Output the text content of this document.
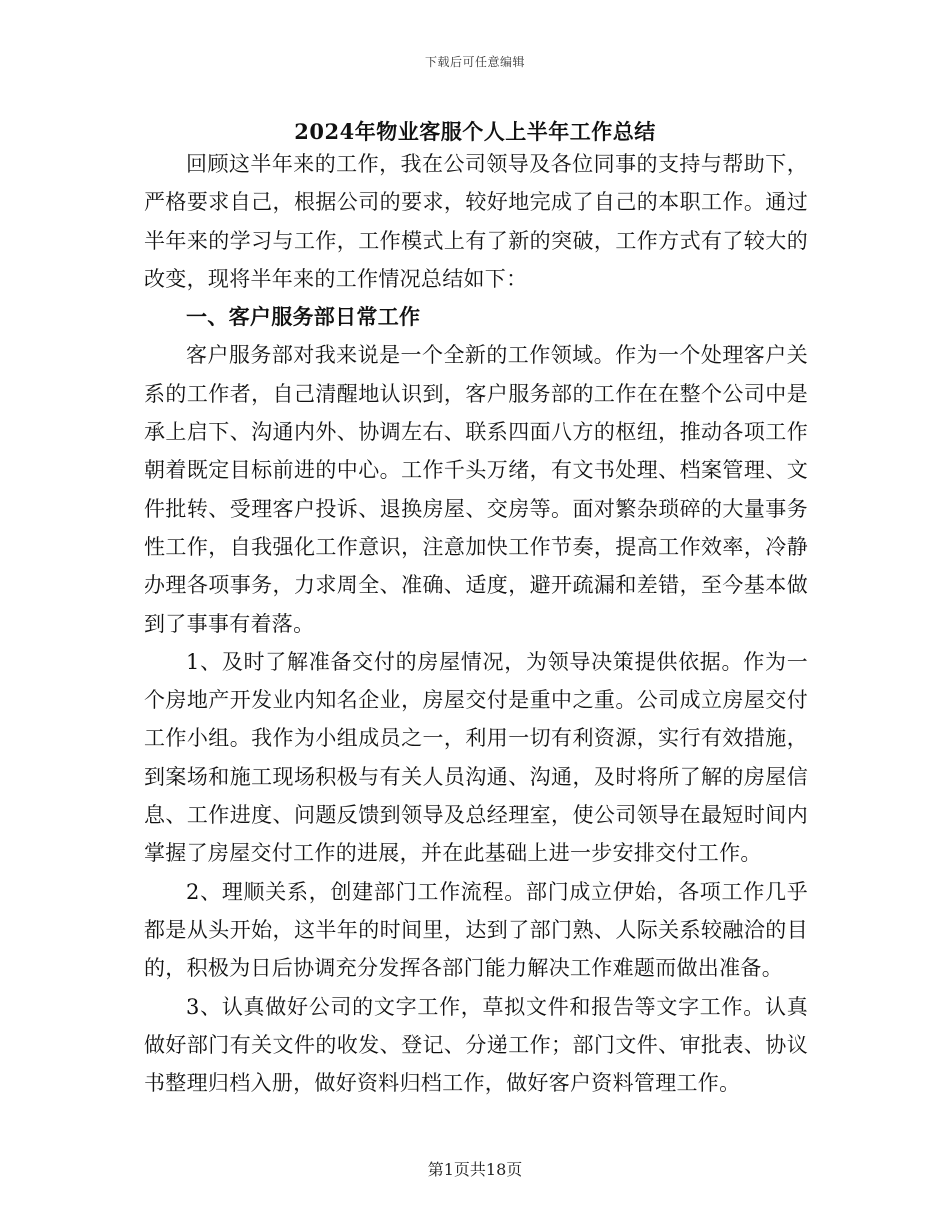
下载后可任意编辑
2024年物业客服个人上半年工作总结

回顾这半年来的工作，我在公司领导及各位同事的支持与帮助下，严格要求自己，根据公司的要求，较好地完成了自己的本职工作。通过半年来的学习与工作，工作模式上有了新的突破，工作方式有了较大的改变，现将半年来的工作情况总结如下：

一、客户服务部日常工作

客户服务部对我来说是一个全新的工作领域。作为一个处理客户关系的工作者，自己清醒地认识到，客户服务部的工作在在整个公司中是承上启下、沟通内外、协调左右、联系四面八方的枢纽，推动各项工作朝着既定目标前进的中心。工作千头万绪，有文书处理、档案管理、文件批转、受理客户投诉、退换房屋、交房等。面对繁杂琐碎的大量事务性工作，自我强化工作意识，注意加快工作节奏，提高工作效率，冷静办理各项事务，力求周全、准确、适度，避开疏漏和差错，至今基本做到了事事有着落。

1、及时了解准备交付的房屋情况，为领导决策提供依据。作为一个房地产开发业内知名企业，房屋交付是重中之重。公司成立房屋交付工作小组。我作为小组成员之一，利用一切有利资源，实行有效措施，到案场和施工现场积极与有关人员沟通、沟通，及时将所了解的房屋信息、工作进度、问题反馈到领导及总经理室，使公司领导在最短时间内掌握了房屋交付工作的进展，并在此基础上进一步安排交付工作。

2、理顺关系，创建部门工作流程。部门成立伊始，各项工作几乎都是从头开始，这半年的时间里，达到了部门熟、人际关系较融洽的目的，积极为日后协调充分发挥各部门能力解决工作难题而做出准备。

3、认真做好公司的文字工作，草拟文件和报告等文字工作。认真做好部门有关文件的收发、登记、分递工作；部门文件、审批表、协议书整理归档入册，做好资料归档工作，做好客户资料管理工作。

第1页共18页
